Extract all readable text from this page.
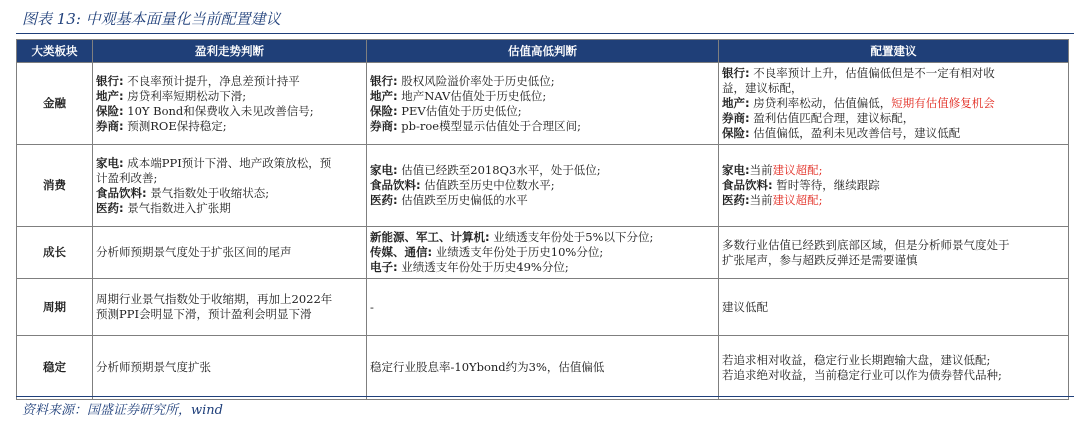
图表 13: 中观基本面量化当前配置建议
大类板块	盈利走势判断	估值高低判断	配置建议
金融	银行: 不良率预计提升，净息差预计持平
地产: 房贷利率短期松动下滑;
保险: 10Y Bond和保费收入未见改善信号;
券商: 预测ROE保持稳定;	银行: 股权风险溢价率处于历史低位;
地产: 地产NAV估值处于历史低位;
保险: PEV估值处于历史低位;
券商: pb-roe模型显示估值处于合理区间;	银行: 不良率预计上升，估值偏低但是不一定有相对收
益，建议标配，
地产: 房贷利率松动，估值偏低，短期有估值修复机会
券商: 盈利估值匹配合理，建议标配，
保险: 估值偏低，盈利未见改善信号，建议低配

消费	家电: 成本端PPI预计下滑、地产政策放松，预
计盈利改善;
食品饮料: 景气指数处于收缩状态;
医药: 景气指数进入扩张期	家电: 估值已经跌至2018Q3水平，处于低位;
食品饮料: 估值跌至历史中位数水平;
医药: 估值跌至历史偏低的水平	家电:当前建议超配;
食品饮料: 暂时等待，继续跟踪
医药:当前建议超配;

成长	分析师预期景气度处于扩张区间的尾声	新能源、军工、计算机: 业绩透支年份处于5%以下分位;
传媒、通信: 业绩透支年份处于历史10%分位;
电子: 业绩透支年份处于历史49%分位;	多数行业估值已经跌到底部区域，但是分析师景气度处于
扩张尾声，参与超跌反弹还是需要谨慎

周期	周期行业景气指数处于收缩期，再加上2022年
预测PPI会明显下滑，预计盈利会明显下滑	-	建议低配

稳定	分析师预期景气度扩张	稳定行业股息率-10Ybond约为3%，估值偏低	若追求相对收益，稳定行业长期跑输大盘，建议低配;
若追求绝对收益，当前稳定行业可以作为债券替代品种;
资料来源：国盛证券研究所，wind
